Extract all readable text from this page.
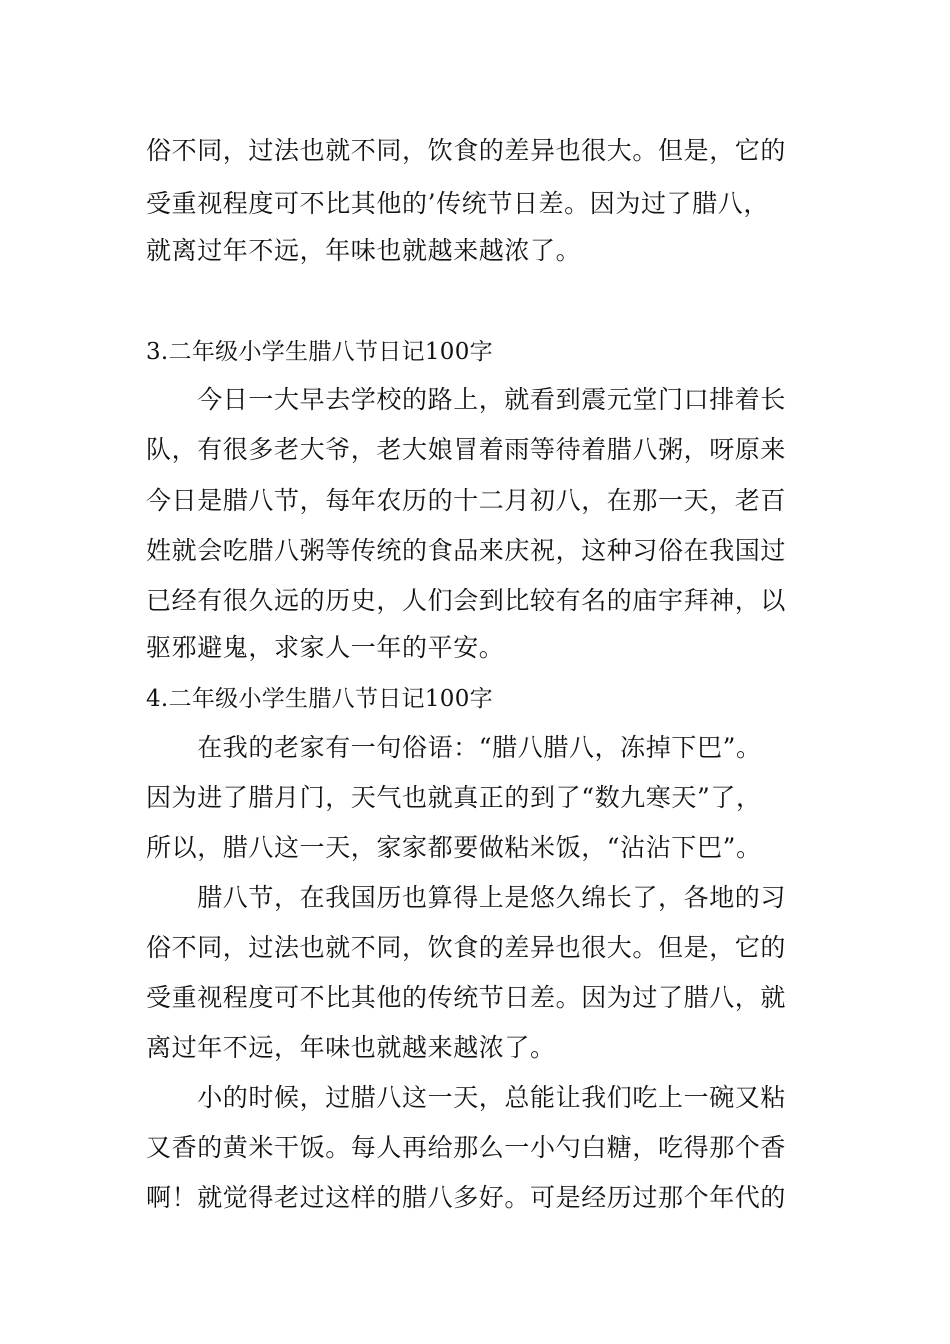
俗不同，过法也就不同，饮食的差异也很大。但是，它的
受重视程度可不比其他的’传统节日差。因为过了腊八，
就离过年不远，年味也就越来越浓了。
3.二年级小学生腊八节日记100字
　　今日一大早去学校的路上，就看到震元堂门口排着长
队，有很多老大爷，老大娘冒着雨等待着腊八粥，呀原来
今日是腊八节，每年农历的十二月初八，在那一天，老百
姓就会吃腊八粥等传统的食品来庆祝，这种习俗在我国过
已经有很久远的历史，人们会到比较有名的庙宇拜神，以
驱邪避鬼，求家人一年的平安。
4.二年级小学生腊八节日记100字
　　在我的老家有一句俗语：“腊八腊八，冻掉下巴”。
因为进了腊月门，天气也就真正的到了“数九寒天”了，
所以，腊八这一天，家家都要做粘米饭，“沾沾下巴”。
　　腊八节，在我国历也算得上是悠久绵长了，各地的习
俗不同，过法也就不同，饮食的差异也很大。但是，它的
受重视程度可不比其他的传统节日差。因为过了腊八，就
离过年不远，年味也就越来越浓了。
　　小的时候，过腊八这一天，总能让我们吃上一碗又粘
又香的黄米干饭。每人再给那么一小勺白糖，吃得那个香
啊！就觉得老过这样的腊八多好。可是经历过那个年代的
